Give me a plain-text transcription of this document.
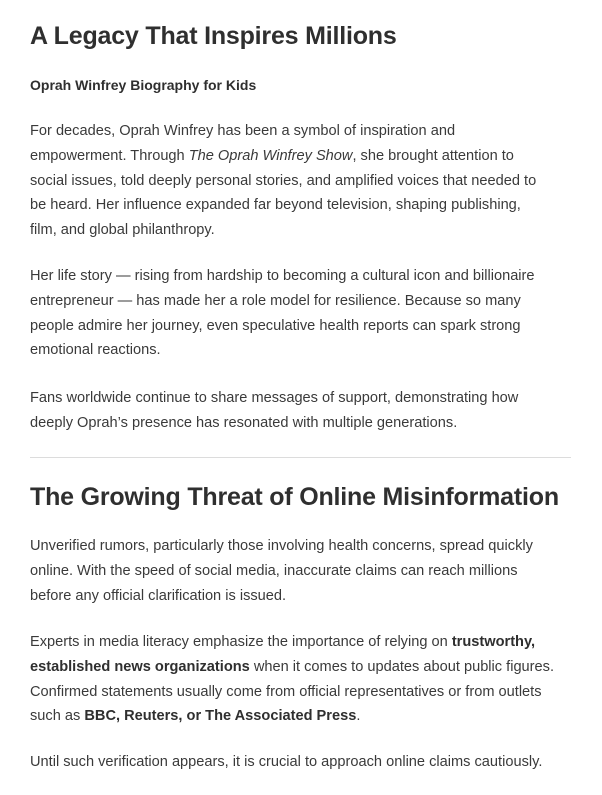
A Legacy That Inspires Millions

Oprah Winfrey Biography for Kids

For decades, Oprah Winfrey has been a symbol of inspiration and
empowerment. Through The Oprah Winfrey Show, she brought attention to
social issues, told deeply personal stories, and amplified voices that needed to
be heard. Her influence expanded far beyond television, shaping publishing,
film, and global philanthropy.

Her life story — rising from hardship to becoming a cultural icon and billionaire
entrepreneur — has made her a role model for resilience. Because so many
people admire her journey, even speculative health reports can spark strong
emotional reactions.

Fans worldwide continue to share messages of support, demonstrating how
deeply Oprah’s presence has resonated with multiple generations.

The Growing Threat of Online Misinformation

Unverified rumors, particularly those involving health concerns, spread quickly
online. With the speed of social media, inaccurate claims can reach millions
before any official clarification is issued.

Experts in media literacy emphasize the importance of relying on trustworthy,
established news organizations when it comes to updates about public figures.
Confirmed statements usually come from official representatives or from outlets
such as BBC, Reuters, or The Associated Press.

Until such verification appears, it is crucial to approach online claims cautiously.
